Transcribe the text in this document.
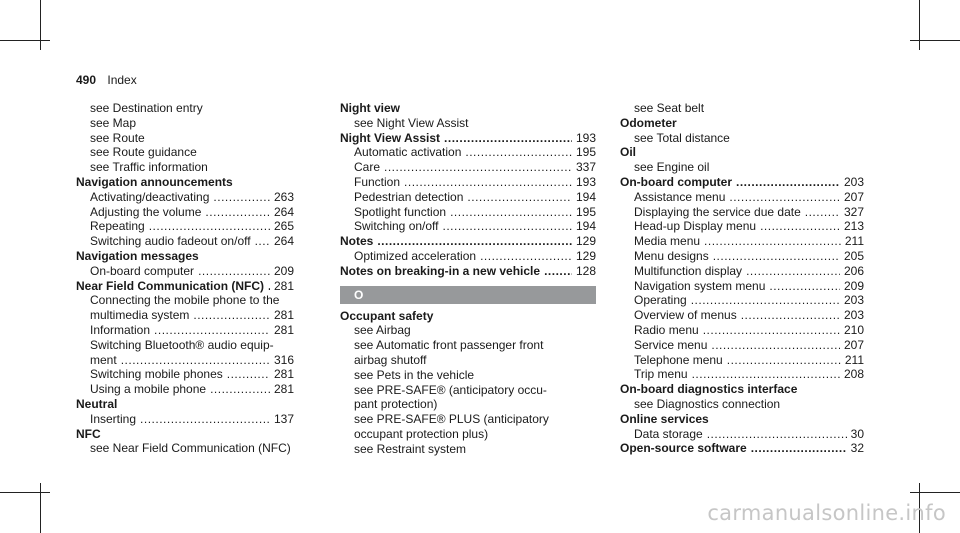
490 Index
see Destination entry
see Map
see Route
see Route guidance
see Traffic information
Navigation announcements
Activating/deactivating .....	263
Adjusting the volume .....	264
Repeating .....	265
Switching audio fadeout on/off ..... 264
Navigation messages
On-board computer .....	209
Near Field Communication (NFC) ..... 281
Connecting the mobile phone to the
multimedia system .....	281
Information .....	281
Switching Bluetooth® audio equip-
ment .....	316
Switching mobile phones .....	281
Using a mobile phone .....	281
Neutral
Inserting .....	137
NFC
see Near Field Communication (NFC)
Night view
see Night View Assist
Night View Assist .....	193
Automatic activation .....	195
Care .....	337
Function .....	193
Pedestrian detection .....	194
Spotlight function .....	195
Switching on/off .....	194
Notes .....	129
Optimized acceleration .....	129
Notes on breaking-in a new vehicle .....	128
O
Occupant safety
see Airbag
see Automatic front passenger front
airbag shutoff
see Pets in the vehicle
see PRE-SAFE® (anticipatory occu-
pant protection)
see PRE-SAFE® PLUS (anticipatory
occupant protection plus)
see Restraint system
see Seat belt
Odometer
see Total distance
Oil
see Engine oil
On-board computer .....	203
Assistance menu .....	207
Displaying the service due date .....	327
Head-up Display menu .....	213
Media menu .....	211
Menu designs .....	205
Multifunction display .....	206
Navigation system menu .....	209
Operating .....	203
Overview of menus .....	203
Radio menu .....	210
Service menu .....	207
Telephone menu .....	211
Trip menu .....	208
On-board diagnostics interface
see Diagnostics connection
Online services
Data storage .....	30
Open-source software .....	32
carmanualsonline.info
